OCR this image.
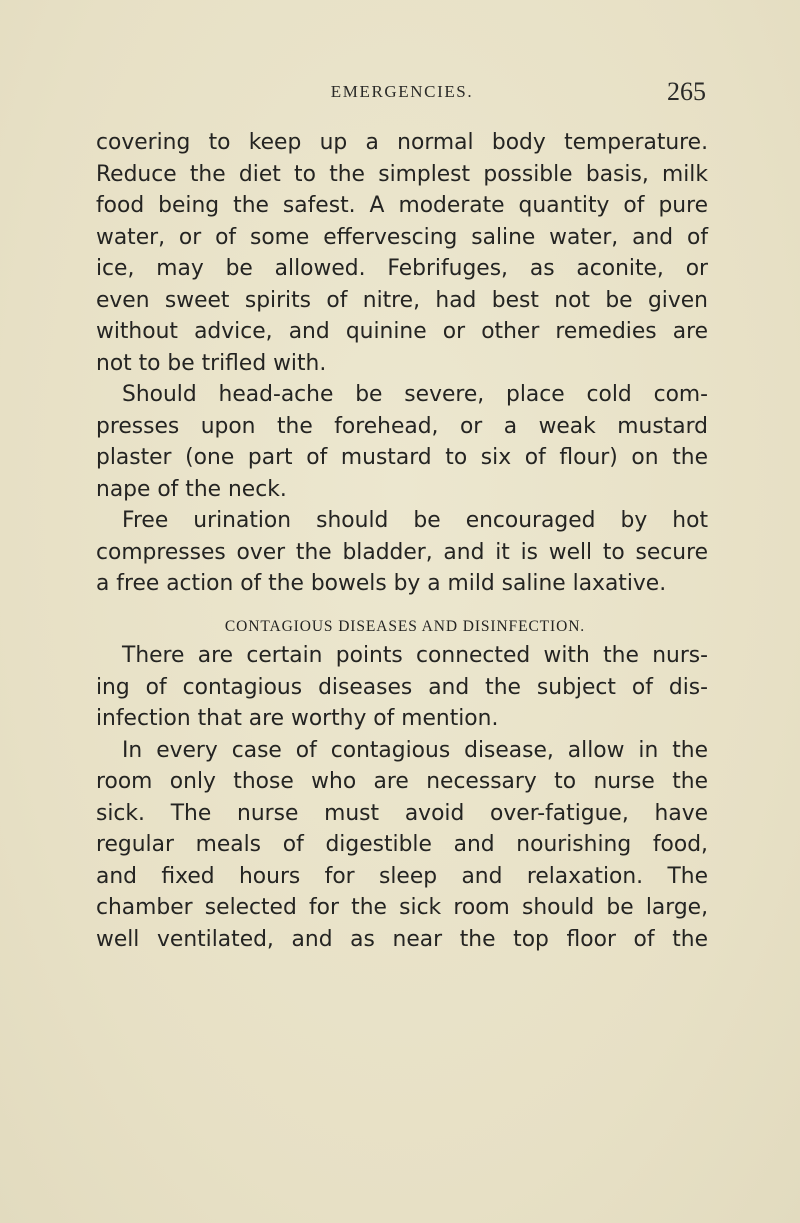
EMERGENCIES.	265
covering to keep up a normal body temperature.
Reduce the diet to the simplest possible basis, milk
food being the safest. A moderate quantity of pure
water, or of some effervescing saline water, and of
ice, may be allowed. Febrifuges, as aconite, or
even sweet spirits of nitre, had best not be given
without advice, and quinine or other remedies are
not to be trifled with.
Should head-ache be severe, place cold com-
presses upon the forehead, or a weak mustard
plaster (one part of mustard to six of flour) on the
nape of the neck.
Free urination should be encouraged by hot
compresses over the bladder, and it is well to secure
a free action of the bowels by a mild saline laxative.
CONTAGIOUS DISEASES AND DISINFECTION.
There are certain points connected with the nurs-
ing of contagious diseases and the subject of dis-
infection that are worthy of mention.
In every case of contagious disease, allow in the
room only those who are necessary to nurse the
sick. The nurse must avoid over-fatigue, have
regular meals of digestible and nourishing food,
and fixed hours for sleep and relaxation. The
chamber selected for the sick room should be large,
well ventilated, and as near the top floor of the
